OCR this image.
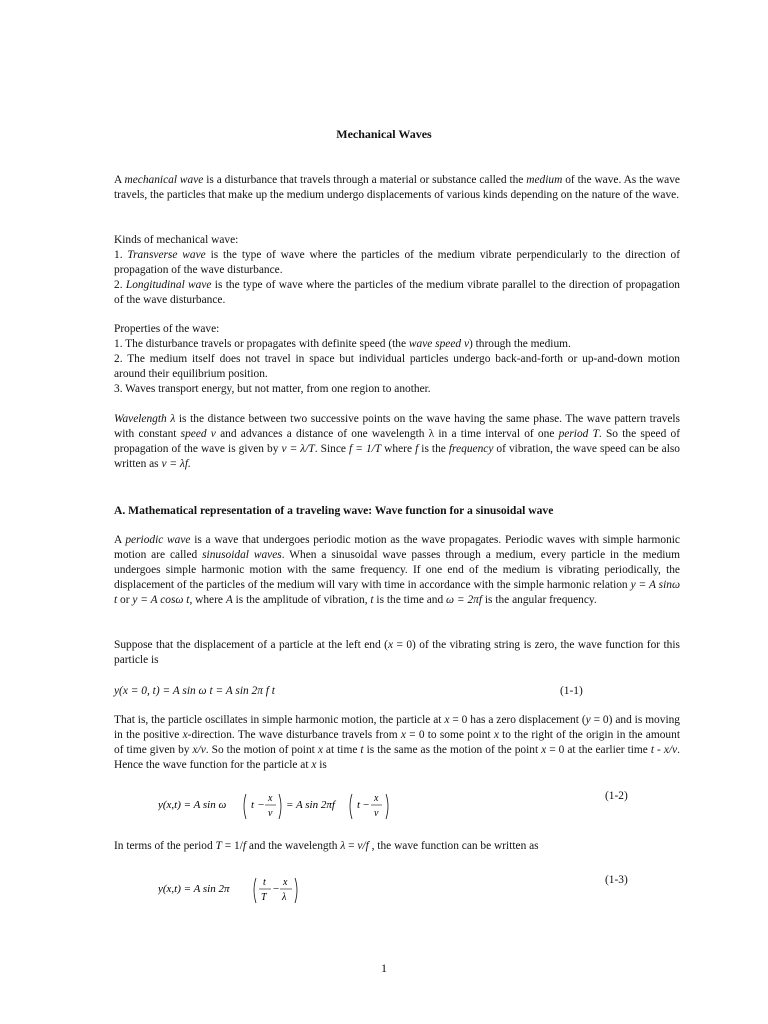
Mechanical Waves

A mechanical wave is a disturbance that travels through a material or substance called the medium of the wave. As the wave travels, the particles that make up the medium undergo displacements of various kinds depending on the nature of the wave.

Kinds of mechanical wave:

1. Transverse wave is the type of wave where the particles of the medium vibrate perpendicularly to the direction of propagation of the wave disturbance.

2. Longitudinal wave is the type of wave where the particles of the medium vibrate parallel to the direction of propagation of the wave disturbance.

Properties of the wave:

1. The disturbance travels or propagates with definite speed (the wave speed v) through the medium.

2. The medium itself does not travel in space but individual particles undergo back-and-forth or up-and-down motion around their equilibrium position.

3. Waves transport energy, but not matter, from one region to another.

Wavelength λ is the distance between two successive points on the wave having the same phase. The wave pattern travels with constant speed v and advances a distance of one wavelength λ in a time interval of one period T. So the speed of propagation of the wave is given by v = λ/T. Since f = 1/T where f is the frequency of vibration, the wave speed can be also written as v = λf.

A. Mathematical representation of a traveling wave: Wave function for a sinusoidal wave

A periodic wave is a wave that undergoes periodic motion as the wave propagates. Periodic waves with simple harmonic motion are called sinusoidal waves. When a sinusoidal wave passes through a medium, every particle in the medium undergoes simple harmonic motion with the same frequency. If one end of the medium is vibrating periodically, the displacement of the particles of the medium will vary with time in accordance with the simple harmonic relation y = A sinω t or y = A cosω t, where A is the amplitude of vibration, t is the time and ω = 2πf is the angular frequency.

Suppose that the displacement of a particle at the left end (x = 0) of the vibrating string is zero, the wave function for this particle is

y(x = 0, t) = A sin ω t = A sin 2π f t	(1-1)

That is, the particle oscillates in simple harmonic motion, the particle at x = 0 has a zero displacement (y = 0) and is moving in the positive x-direction. The wave disturbance travels from x = 0 to some point x to the right of the origin in the amount of time given by x/v. So the motion of point x at time t is the same as the motion of the point x = 0 at the earlier time t - x/v. Hence the wave function for the particle at x is

y(x,t) = A sin ω t −
x
v
= A sin 2πf t −
x
v
(1-2)

In terms of the period T = 1/f and the wavelength λ = v/f , the wave function can be written as

y(x,t) = A sin 2π
t
T
−
x
λ
(1-3)
1
